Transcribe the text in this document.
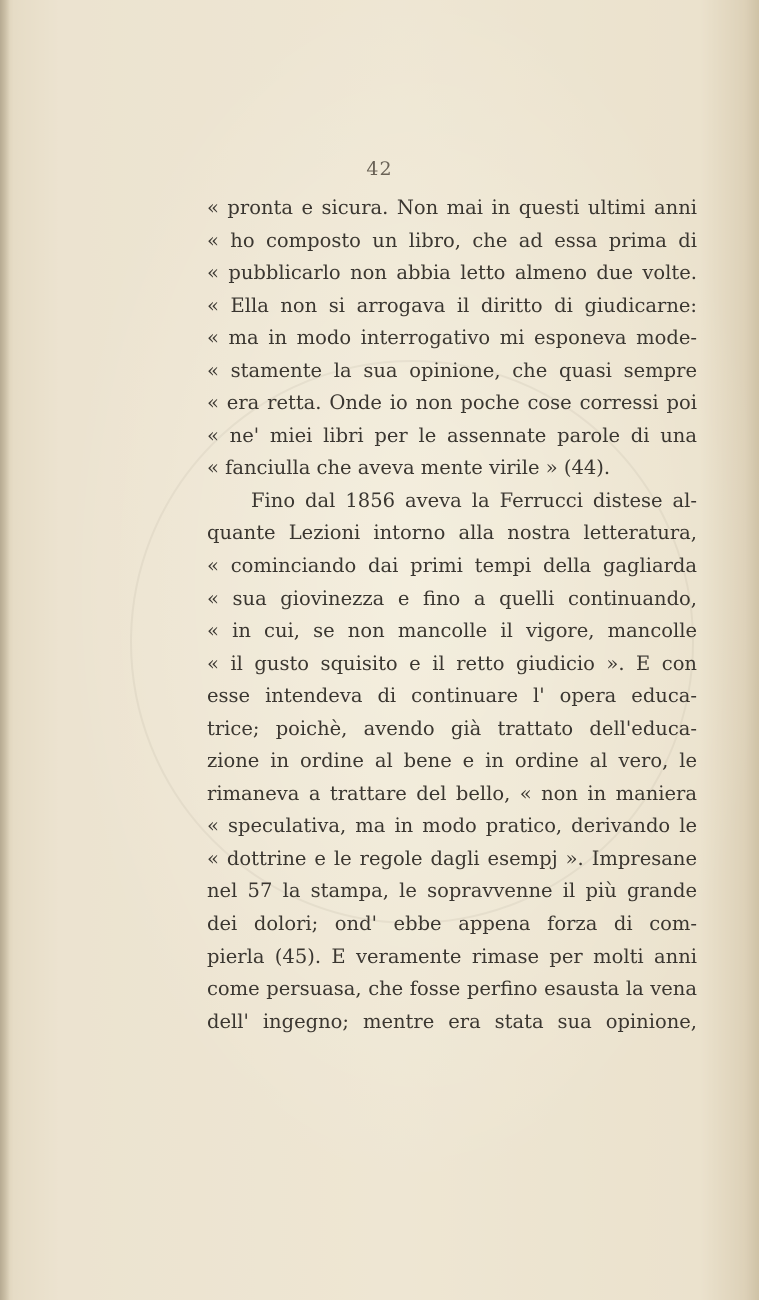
42
« pronta e sicura. Non mai in questi ultimi anni
« ho composto un libro, che ad essa prima di
« pubblicarlo non abbia letto almeno due volte.
« Ella non si arrogava il diritto di giudicarne:
« ma in modo interrogativo mi esponeva mode-
« stamente la sua opinione, che quasi sempre
« era retta. Onde io non poche cose corressi poi
« ne' miei libri per le assennate parole di una
« fanciulla che aveva mente virile » (44).
Fino dal 1856 aveva la Ferrucci distese al-
quante Lezioni intorno alla nostra letteratura,
« cominciando dai primi tempi della gagliarda
« sua giovinezza e fino a quelli continuando,
« in cui, se non mancolle il vigore, mancolle
« il gusto squisito e il retto giudicio ». E con
esse intendeva di continuare l' opera educa-
trice; poichè, avendo già trattato dell'educa-
zione in ordine al bene e in ordine al vero, le
rimaneva a trattare del bello, « non in maniera
« speculativa, ma in modo pratico, derivando le
« dottrine e le regole dagli esempj ». Impresane
nel 57 la stampa, le sopravvenne il più grande
dei dolori; ond' ebbe appena forza di com-
pierla (45). E veramente rimase per molti anni
come persuasa, che fosse perfino esausta la vena
dell' ingegno; mentre era stata sua opinione,
